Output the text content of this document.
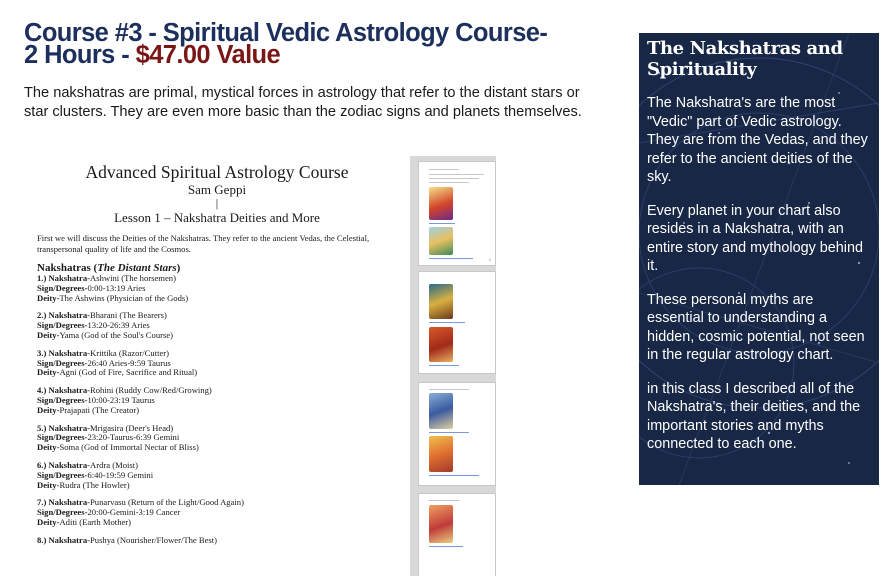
Course #3 - Spiritual Vedic Astrology Course-
2 Hours - $47.00 Value

The nakshatras are primal, mystical forces in astrology that refer to the distant stars or star clusters. They are even more basic than the zodiac signs and planets themselves.

Advanced Spiritual Astrology Course
Sam Geppi
|
Lesson 1 – Nakshatra Deities and More
First we will discuss the Deities of the Nakshatras. They refer to the ancient Vedas, the Celestial, transpersonal quality of life and the Cosmos.
Nakshatras (The Distant Stars)
1.) Nakshatra-Ashwini (The horsemen)
Sign/Degrees-0:00-13:19 Aries
Deity-The Ashwins (Physician of the Gods)
2.) Nakshatra-Bharani (The Bearers)
Sign/Degrees-13:20-26:39 Aries
Deity-Yama (God of the Soul's Course)
3.) Nakshatra-Krittika (Razor/Cutter)
Sign/Degrees-26:40 Aries-9:59 Taurus
Deity-Agni (God of Fire, Sacrifice and Ritual)
4.) Nakshatra-Rohini (Ruddy Cow/Red/Growing)
Sign/Degrees-10:00-23:19 Taurus
Deity-Prajapati (The Creator)
5.) Nakshatra-Mrigasira (Deer's Head)
Sign/Degrees-23:20-Taurus-6:39 Gemini
Deity-Soma (God of Immortal Nectar of Bliss)
6.) Nakshatra-Ardra (Moist)
Sign/Degrees-6:40-19:59 Gemini
Deity-Rudra (The Howler)
7.) Nakshatra-Punarvasu (Return of the Light/Good Again)
Sign/Degrees-20:00-Gemini-3:19 Cancer
Deity-Aditi (Earth Mother)
8.) Nakshatra-Pushya (Nourisher/Flower/The Best)
2
The Nakshatras and Spirituality

The Nakshatra's are the most "Vedic" part of Vedic astrology. They are from the Vedas, and they refer to the ancient deities of the sky.

Every planet in your chart also resides in a Nakshatra, with an entire story and mythology behind it.

These personal myths are essential to understanding a hidden, cosmic potential, not seen in the regular astrology chart.

in this class I described all of the Nakshatra's, their deities, and the important stories and myths connected to each one.
